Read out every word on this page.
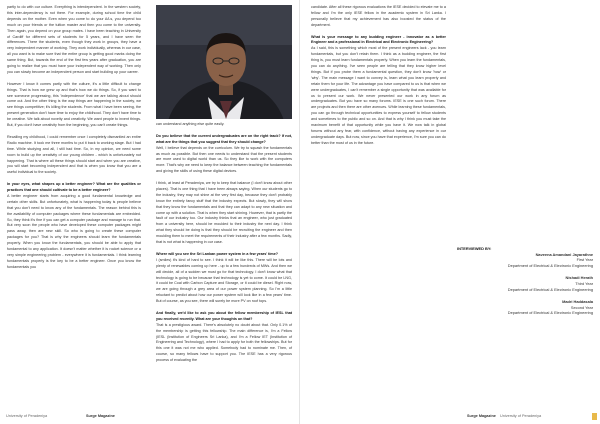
partly to do with our culture. Everything is interdependent. In the western society, this inter-dependency is not there. For example, during school time the child depends on the mother. Even when you come to do your A/Ls, you depend too much on your friends or the tuition master and then you come to the university. Then again, you depend on your group mates. I have been teaching in University of Cardiff for different sets of students for 5 years, and I have seen the differences. There the students, even though they work in groups, they have a very independent manner of working. They work individually, whereas in our case, all you want is to make sure that the entire group is getting good marks doing the same thing. But, towards the end of the first few years after graduation, you are going to realize that you must have your independent way of working. Then only you can slowly become an independent person and start building up your career.

However I know it comes partly with the culture, it's a little difficult to change things. That is how we grew up and that's how we do things. So, if you want to see someone progressing, this 'independence' that we are talking about should come out. And the other thing is the way things are happening in the society, we see things competitive; it's killing the students. From what I have been seeing, the present generation don't have time to enjoy the childhood. They don't have time to be creative. We talk about novelty and creativity. We want people to invent things. But, if you don't have creativity from the beginning, you can't create things.

Recalling my childhood, I could remember once I completely dismantled an entire Radio machine. It took me three months to put it back to working stage. But I had time. While studying and all, I still had time. So, in my opinion, we need some room to build up the creativity of our young children - which is unfortunately not happening. That is where all these things should start and when you are creative, you will start becoming independent and that is when you know that you are a useful individual to the society.

In your eyes, what shapes up a better engineer? What are the qualities or practices that one should cultivate to be a better engineer?

A better engineer starts from acquiring a good fundamental knowledge and certain other skills. But unfortunately, what is happening today is people believe that you don't need to know any of the fundamentals. The reason behind this is the availability of computer packages where these fundamentals are embedded. So, they think it's fine if you can get a computer package and manage to run that. But very soon the people who have developed these computer packages might pass away, then are new skill. So who is going to create these computer packages for you? That is why the engineers should learn the fundamentals properly. When you know the fundamentals, you should be able to apply that fundamental to any application. It doesn't matter whether it is rocket science or a very simple engineering problem - everywhere it is fundamentals. I think learning fundamentals properly is the key to be a better engineer. Once you know the fundamentals you

can understand anything else quite easily.

Do you believe that the current undergraduates are on the right track? If not, what are the things that you suggest that they should change?

Well, I believe that depends on the curriculum. We try to squash the fundamentals as much as possible. But then one needs to understand that the present students are more used to digital world than us. So they like to work with the computers more. That's why we need to keep the balance between teaching the fundamentals and giving the skills of using these digital devices.

I think, at least at Peradeniya, we try to keep that balance (I don't know about other places). That is one thing that I have been always saying. When our students go to the industry, they may not shine at the very first day, because they don't probably know the entirely fancy stuff that the industry expects. But slowly, they will show that they know the fundamentals and that they can adapt to any new situation and come up with a solution. That is when they start shining. However, that is partly the fault of our industry too. Our industry thinks that an engineer, who just graduated from a university here, should be moulded to their industry the next day. I think what they should be doing is that they should be recruiting the engineer and then moulding them to meet the requirements of their industry after a few months. Sadly, that is not what is happening in our case.

Where will you see the Sri Lankan power system in a few years' time?

I (smiles) it's kind of hard to see. I think it will be like this. There will be lots and plenty of renewables coming up here - up to a few hundreds of MWs. And then we will decide, all of a sudden we must go for that technology. I don't know what that technology is going to be because that technology is yet to come. It could be LNG, it could be Coal with Carbon Capture and Storage, or it could be diesel. Right now, we are going through a grey area of our power system planning. So I'm a little reluctant to predict about how our power system will look like in a few years' time. But of course, as you see, there will surely be more PV on roof tops.

And finally, we'd like to ask you about the fellow membership of IESL that you received recently. What are your thoughts on that?

That is a prestigious award. There's absolutely no doubt about that. Only 0.1% of the membership is getting this fellowship. The main difference is, I'm a Fellow (IESL (Institution of Engineers Sri Lanka), and I'm a Fellow IET (Institution of Engineering and Technology), where I had to apply for both the fellowships. But for this one it was not me who applied. Somebody had to nominate me. Then, of course, so many fellows have to support you. The IESE has a very rigorous process of evaluating the

University of Peradeniya	Surge Magazine

candidate. After all these rigorous evaluations the IESE decided to elevate me to a fellow and I'm the only IESE fellow in the academic system in Sri Lanka. I personally believe that my achievement has also boosted the status of the department.

What is your message to any budding engineer - innovator as a better Engineer and a professional in Electrical and Electronic Engineering?

As I said, this is something which most of the present engineers lack - you learn fundamentals, but you don't retain them. I think as a budding engineer, the first thing is, you must learn fundamentals properly. When you learn the fundamentals, you can do anything. I've seen people are telling that they know higher level things. But if you probe them a fundamental question, they don't know 'how' or 'why'. The main message I want to convey is, learn what you learn properly and retain them for your life. The advantage you have compared to us is that when we were undergraduates, I can't remember a single opportunity that was available for us to present our work. We never presented our work in any forum as undergraduates. But you have so many forums. IESE is one such forum. There are projects and then there are other avenues. While learning these fundamentals, you can go through technical opportunities to express yourself to fellow students and sometimes to the public and so on. And that is why I think you must take the maximum benefit of that opportunity while you have it. We now talk in global forums without any fear, with confidence, without having any experience in our undergraduate days. But now, since you have that experience, I'm sure you can do better than the most of us in the future.

INTERVIEWED BY:
Naveena Amandani Jayarathne
First Year
Department of Electrical & Electronic Engineering
Nishadi Herath
Third Year
Department of Electrical & Electronic Engineering
Madri Haddasala
Second Year
Department of Electrical & Electronic Engineering
Surge Magazine University of Peradeniya
